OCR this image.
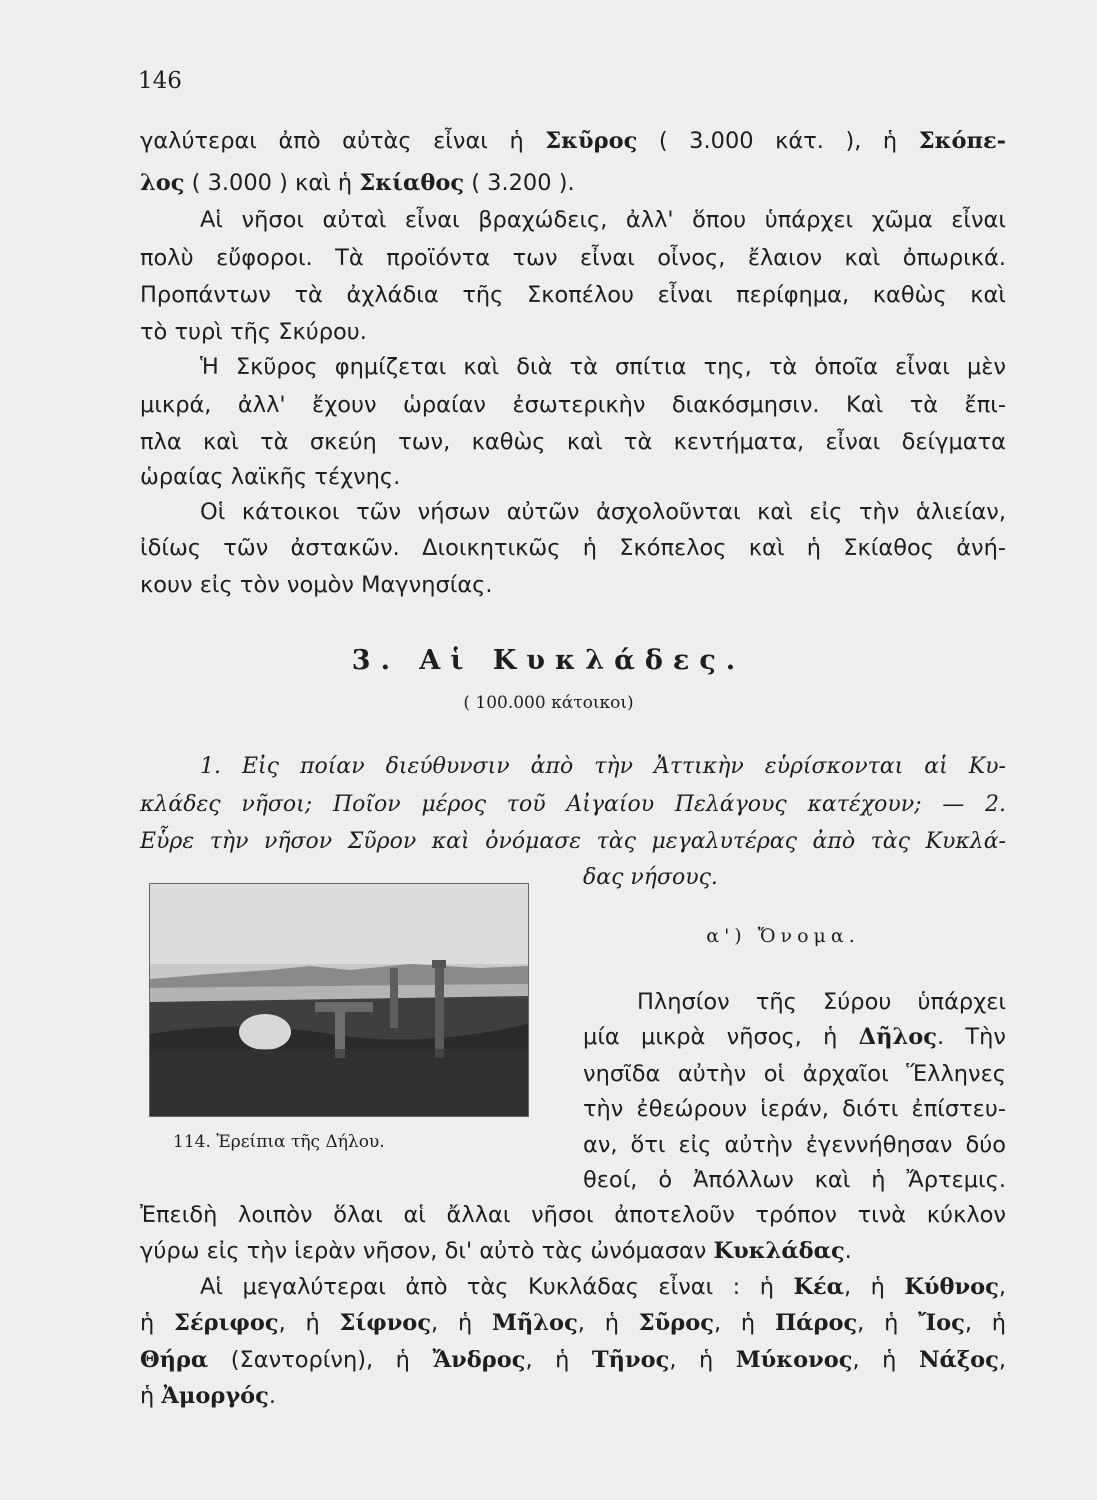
146
γαλύτεραι ἀπὸ αὐτὰς εἶναι ἡ Σκῦρος ( 3.000 κάτ. ), ἡ Σκόπε-
λος ( 3.000 ) καὶ ἡ Σκίαθος ( 3.200 ).
Αἱ νῆσοι αὐταὶ εἶναι βραχώδεις, ἀλλ' ὅπου ὑπάρχει χῶμα εἶναι
πολὺ εὔφοροι. Τὰ προϊόντα των εἶναι οἶνος, ἔλαιον καὶ ὀπωρικά.
Προπάντων τὰ ἀχλάδια τῆς Σκοπέλου εἶναι περίφημα, καθὼς καὶ
τὸ τυρὶ τῆς Σκύρου.
Ἡ Σκῦρος φημίζεται καὶ διὰ τὰ σπίτια της, τὰ ὁποῖα εἶναι μὲν
μικρά, ἀλλ' ἔχουν ὡραίαν ἐσωτερικὴν διακόσμησιν. Καὶ τὰ ἔπι-
πλα καὶ τὰ σκεύη των, καθὼς καὶ τὰ κεντήματα, εἶναι δείγματα
ὡραίας λαϊκῆς τέχνης.
Οἱ κάτοικοι τῶν νήσων αὐτῶν ἀσχολοῦνται καὶ εἰς τὴν ἁλιείαν,
ἰδίως τῶν ἀστακῶν. Διοικητικῶς ἡ Σκόπελος καὶ ἡ Σκίαθος ἀνή-
κουν εἰς τὸν νομὸν Μαγνησίας.
3. Αἱ Κυκλάδες.
( 100.000 κάτοικοι)
1. Εἰς ποίαν διεύθυνσιν ἀπὸ τὴν Ἀττικὴν εὑρίσκονται αἱ Κυ-
κλάδες νῆσοι; Ποῖον μέρος τοῦ Αἰγαίου Πελάγους κατέχουν; — 2.
Εὗρε τὴν νῆσον Σῦρον καὶ ὀνόμασε τὰς μεγαλυτέρας ἀπὸ τὰς Κυκλά-
δας νήσους.
α') Ὄνομα.
114. Ἐρείπια τῆς Δήλου.
Πλησίον τῆς Σύρου ὑπάρχει
μία μικρὰ νῆσος, ἡ Δῆλος. Τὴν
νησῖδα αὐτὴν οἱ ἀρχαῖοι Ἕλληνες
τὴν ἐθεώρουν ἱεράν, διότι ἐπίστευ-
αν, ὅτι εἰς αὐτὴν ἐγεννήθησαν δύο
θεοί, ὁ Ἀπόλλων καὶ ἡ Ἄρτεμις.
Ἐπειδὴ λοιπὸν ὅλαι αἱ ἄλλαι νῆσοι ἀποτελοῦν τρόπον τινὰ κύκλον
γύρω εἰς τὴν ἱερὰν νῆσον, δι' αὐτὸ τὰς ὠνόμασαν Κυκλάδας.
Αἱ μεγαλύτεραι ἀπὸ τὰς Κυκλάδας εἶναι : ἡ Κέα, ἡ Κύθνος,
ἡ Σέριφος, ἡ Σίφνος, ἡ Μῆλος, ἡ Σῦρος, ἡ Πάρος, ἡ Ἴος, ἡ
Θήρα (Σαντορίνη), ἡ Ἄνδρος, ἡ Τῆνος, ἡ Μύκονος, ἡ Νάξος,
ἡ Ἀμοργός.
